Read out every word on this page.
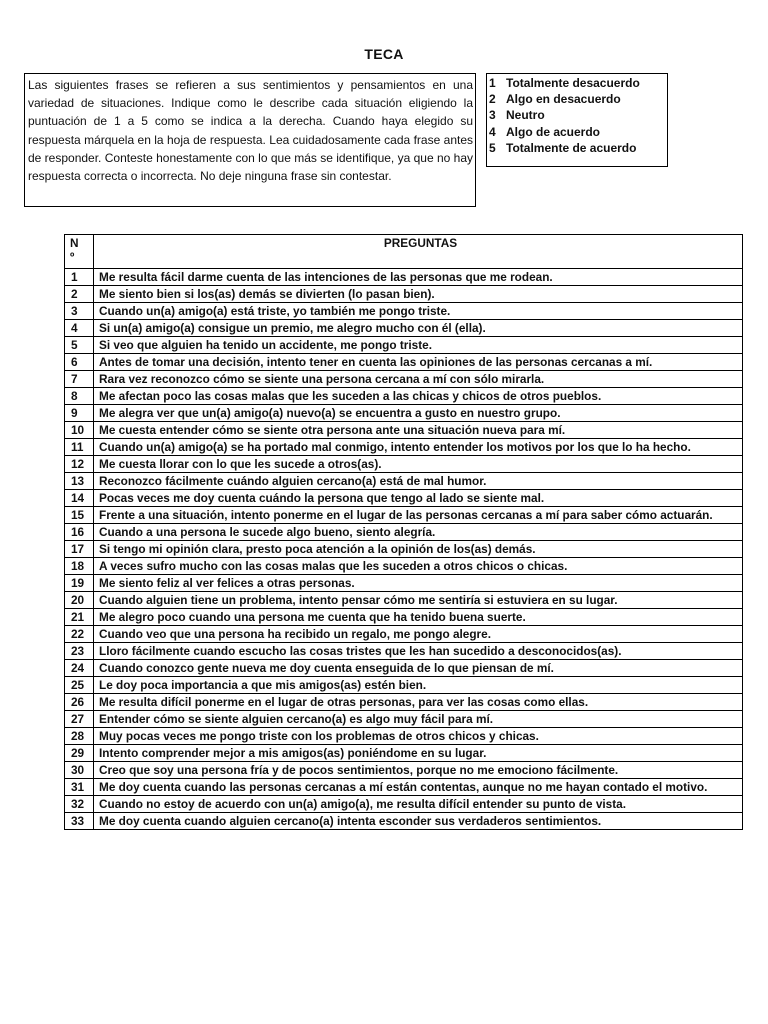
TECA
Las siguientes frases se refieren a sus sentimientos y pensamientos en una variedad de situaciones. Indique como le describe cada situación eligiendo la puntuación de 1 a 5 como se indica a la derecha. Cuando haya elegido su respuesta márquela en la hoja de respuesta. Lea cuidadosamente cada frase antes de responder. Conteste honestamente con lo que más se identifique, ya que no hay respuesta correcta o incorrecta. No deje ninguna frase sin contestar.
1 Totalmente desacuerdo
2 Algo en desacuerdo
3 Neutro
4 Algo de acuerdo
5 Totalmente de acuerdo
N
º	PREGUNTAS
1	Me resulta fácil darme cuenta de las intenciones de las personas que me rodean.
2	Me siento bien si los(as) demás se divierten (lo pasan bien).
3	Cuando un(a) amigo(a) está triste, yo también me pongo triste.
4	Si un(a) amigo(a) consigue un premio, me alegro mucho con él (ella).
5	Si veo que alguien ha tenido un accidente, me pongo triste.
6	Antes de tomar una decisión, intento tener en cuenta las opiniones de las personas cercanas a mí.
7	Rara vez reconozco cómo se siente una persona cercana a mí con sólo mirarla.
8	Me afectan poco las cosas malas que les suceden a las chicas y chicos de otros pueblos.
9	Me alegra ver que un(a) amigo(a) nuevo(a) se encuentra a gusto en nuestro grupo.
10	Me cuesta entender cómo se siente otra persona ante una situación nueva para mí.
11	Cuando un(a) amigo(a) se ha portado mal conmigo, intento entender los motivos por los que lo ha hecho.
12	Me cuesta llorar con lo que les sucede a otros(as).
13	Reconozco fácilmente cuándo alguien cercano(a) está de mal humor.
14	Pocas veces me doy cuenta cuándo la persona que tengo al lado se siente mal.
15	Frente a una situación, intento ponerme en el lugar de las personas cercanas a mí para saber cómo actuarán.
16	Cuando a una persona le sucede algo bueno, siento alegría.
17	Si tengo mi opinión clara, presto poca atención a la opinión de los(as) demás.
18	A veces sufro mucho con las cosas malas que les suceden a otros chicos o chicas.
19	Me siento feliz al ver felices a otras personas.
20	Cuando alguien tiene un problema, intento pensar cómo me sentiría si estuviera en su lugar.
21	Me alegro poco cuando una persona me cuenta que ha tenido buena suerte.
22	Cuando veo que una persona ha recibido un regalo, me pongo alegre.
23	Lloro fácilmente cuando escucho las cosas tristes que les han sucedido a desconocidos(as).
24	Cuando conozco gente nueva me doy cuenta enseguida de lo que piensan de mí.
25	Le doy poca importancia a que mis amigos(as) estén bien.
26	Me resulta difícil ponerme en el lugar de otras personas, para ver las cosas como ellas.
27	Entender cómo se siente alguien cercano(a) es algo muy fácil para mí.
28	Muy pocas veces me pongo triste con los problemas de otros chicos y chicas.
29	Intento comprender mejor a mis amigos(as) poniéndome en su lugar.
30	Creo que soy una persona fría y de pocos sentimientos, porque no me emociono fácilmente.
31	Me doy cuenta cuando las personas cercanas a mí están contentas, aunque no me hayan contado el motivo.
32	Cuando no estoy de acuerdo con un(a) amigo(a), me resulta difícil entender su punto de vista.
33	Me doy cuenta cuando alguien cercano(a) intenta esconder sus verdaderos sentimientos.
